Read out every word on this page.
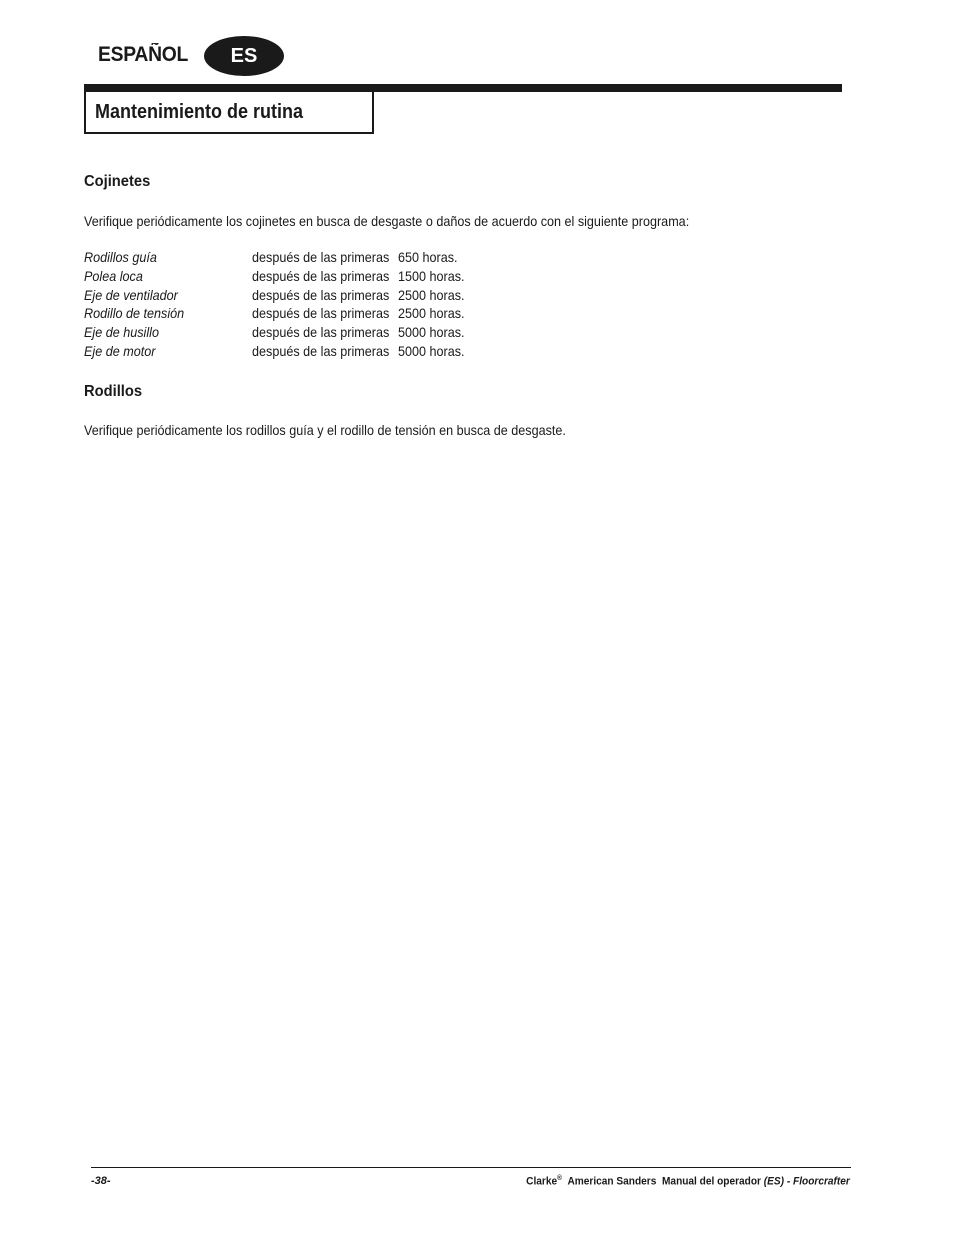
ESPAÑOL	ES
Mantenimiento de rutina
Cojinetes
Verifique periódicamente los cojinetes en busca de desgaste o daños de acuerdo con el siguiente programa:
Rodillos guía	después de las primeras 650 horas.
Polea loca	después de las primeras 1500 horas.
Eje de ventilador	después de las primeras 2500 horas.
Rodillo de tensión	después de las primeras 2500 horas.
Eje de husillo	después de las primeras 5000 horas.
Eje de motor	después de las primeras 5000 horas.
Rodillos
Verifique periódicamente los rodillos guía y el rodillo de tensión en busca de desgaste.
-38-	Clarke® American Sanders Manual del operador (ES) - Floorcrafter
